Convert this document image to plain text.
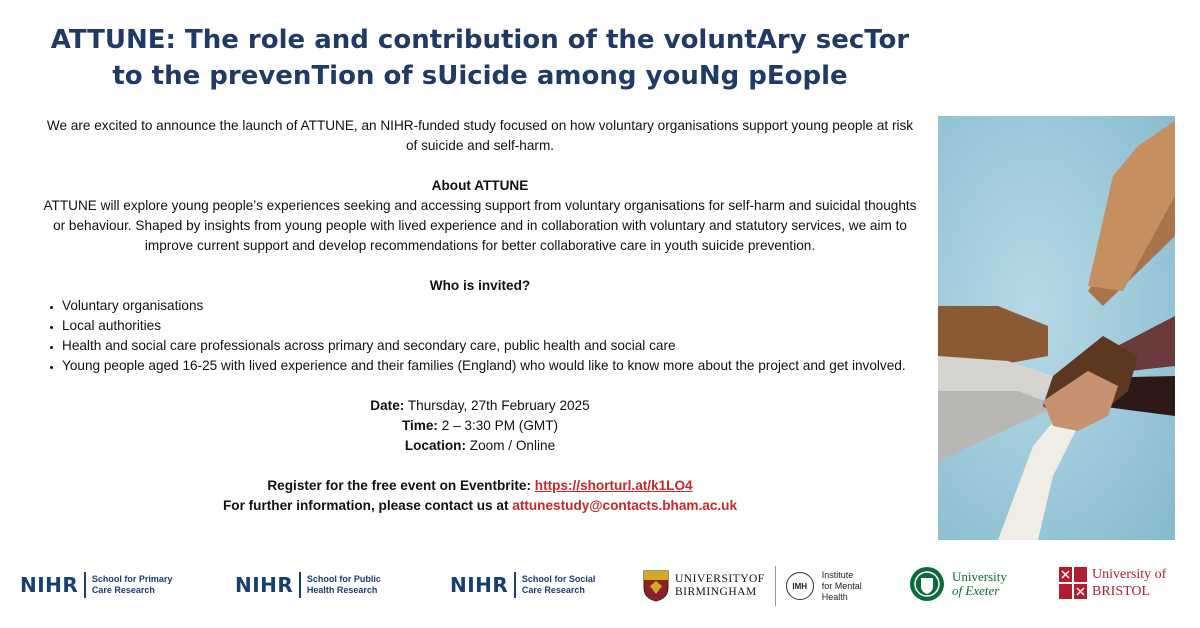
ATTUNE: The role and contribution of the voluntAry secTor
to the prevenTion of sUicide among youNg pEople

We are excited to announce the launch of ATTUNE, an NIHR-funded study focused on how voluntary organisations support young people at risk of suicide and self-harm.

About ATTUNE

ATTUNE will explore young people’s experiences seeking and accessing support from voluntary organisations for self-harm and suicidal thoughts or behaviour. Shaped by insights from young people with lived experience and in collaboration with voluntary and statutory services, we aim to improve current support and develop recommendations for better collaborative care in youth suicide prevention.

Who is invited?

• Voluntary organisations
• Local authorities
• Health and social care professionals across primary and secondary care, public health and social care
• Young people aged 16-25 with lived experience and their families (England) who would like to know more about the project and get involved.

Date: Thursday, 27th February 2025

Time: 2 – 3:30 PM (GMT)

Location: Zoom / Online

Register for the free event on Eventbrite: https://shorturl.at/k1LO4

For further information, please contact us at attunestudy@contacts.bham.ac.uk

NIHR School for Primary
Care Research	NIHR School for Public
Health Research	NIHR School for Social
Care Research
UNIVERSITYOF
BIRMINGHAM	IMH
Institute
for Mental
Health
University
of Exeter
University of
BRISTOL
